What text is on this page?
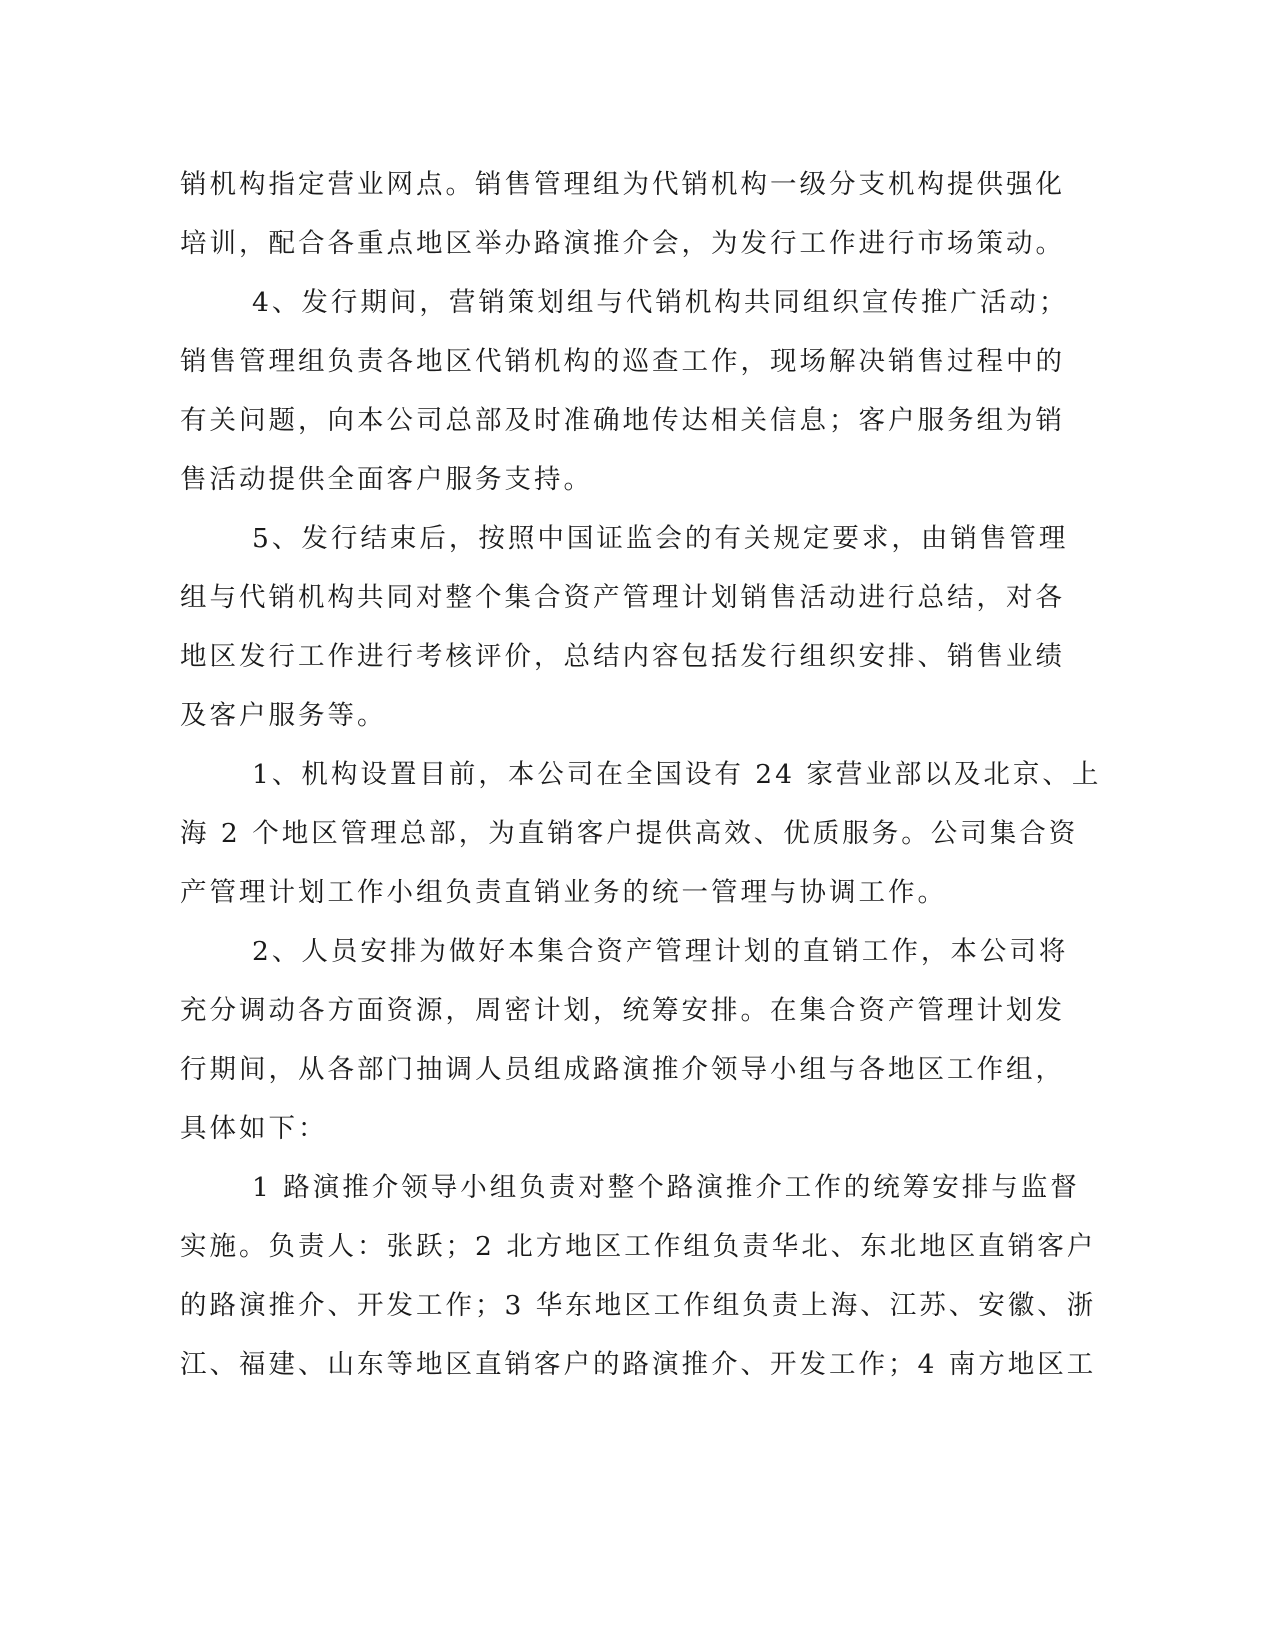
销机构指定营业网点。销售管理组为代销机构一级分支机构提供强化
培训，配合各重点地区举办路演推介会，为发行工作进行市场策动。
4、发行期间，营销策划组与代销机构共同组织宣传推广活动；
销售管理组负责各地区代销机构的巡查工作，现场解决销售过程中的
有关问题，向本公司总部及时准确地传达相关信息；客户服务组为销
售活动提供全面客户服务支持。
5、发行结束后，按照中国证监会的有关规定要求，由销售管理
组与代销机构共同对整个集合资产管理计划销售活动进行总结，对各
地区发行工作进行考核评价，总结内容包括发行组织安排、销售业绩
及客户服务等。
1、机构设置目前，本公司在全国设有 24 家营业部以及北京、上
海 2 个地区管理总部，为直销客户提供高效、优质服务。公司集合资
产管理计划工作小组负责直销业务的统一管理与协调工作。
2、人员安排为做好本集合资产管理计划的直销工作，本公司将
充分调动各方面资源，周密计划，统筹安排。在集合资产管理计划发
行期间，从各部门抽调人员组成路演推介领导小组与各地区工作组，
具体如下：
1 路演推介领导小组负责对整个路演推介工作的统筹安排与监督
实施。负责人：张跃；2 北方地区工作组负责华北、东北地区直销客户
的路演推介、开发工作；3 华东地区工作组负责上海、江苏、安徽、浙
江、福建、山东等地区直销客户的路演推介、开发工作；4 南方地区工
